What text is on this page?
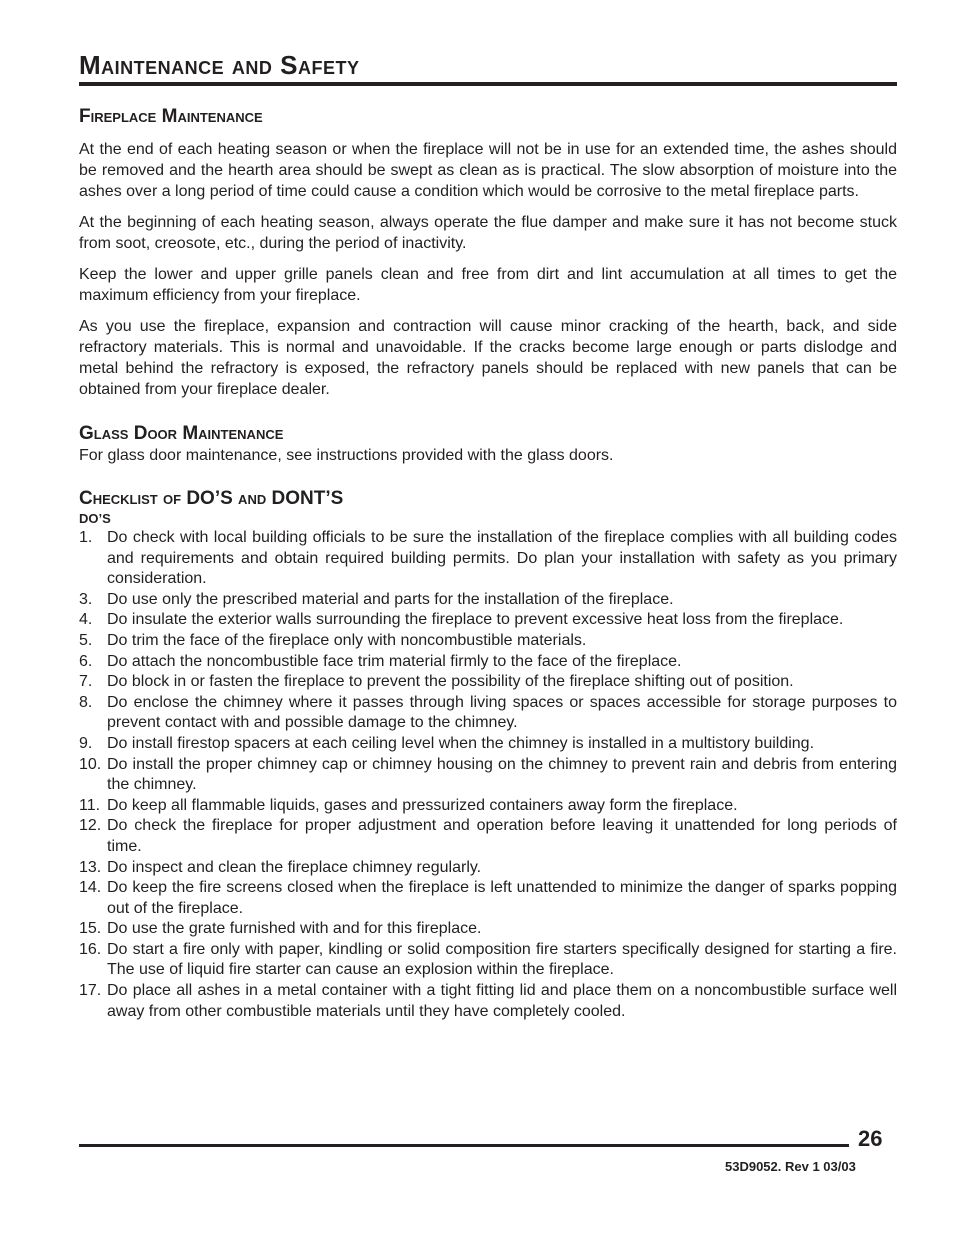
Maintenance and Safety
Fireplace Maintenance

At the end of each heating season or when the fireplace will not be in use for an extended time, the ashes should be removed and the hearth area should be swept as clean as is practical. The slow absorption of moisture into the ashes over a long period of time could cause a condition which would be corrosive to the metal fireplace parts.

At the beginning of each heating season, always operate the flue damper and make sure it has not become stuck from soot, creosote, etc., during the period of inactivity.

Keep the lower and upper grille panels clean and free from dirt and lint accumulation at all times to get the maximum efficiency from your fireplace.

As you use the fireplace, expansion and contraction will cause minor cracking of the hearth, back, and side refractory materials. This is normal and unavoidable. If the cracks become large enough or parts dislodge and metal behind the refractory is exposed, the refractory panels should be replaced with new panels that can be obtained from your fireplace dealer.

Glass Door Maintenance

For glass door maintenance, see instructions provided with the glass doors.

Checklist of DO’S and DONT’S
DO’S
1. Do check with local building officials to be sure the installation of the fireplace complies with all building codes and requirements and obtain required building permits. Do plan your installation with safety as you primary consideration.
3. Do use only the prescribed material and parts for the installation of the fireplace.
4. Do insulate the exterior walls surrounding the fireplace to prevent excessive heat loss from the fireplace.
5. Do trim the face of the fireplace only with noncombustible materials.
6. Do attach the noncombustible face trim material firmly to the face of the fireplace.
7. Do block in or fasten the fireplace to prevent the possibility of the fireplace shifting out of position.
8. Do enclose the chimney where it passes through living spaces or spaces accessible for storage purposes to prevent contact with and possible damage to the chimney.
9. Do install firestop spacers at each ceiling level when the chimney is installed in a multistory building.
10. Do install the proper chimney cap or chimney housing on the chimney to prevent rain and debris from entering the chimney.
11. Do keep all flammable liquids, gases and pressurized containers away form the fireplace.
12. Do check the fireplace for proper adjustment and operation before leaving it unattended for long periods of time.
13. Do inspect and clean the fireplace chimney regularly.
14. Do keep the fire screens closed when the fireplace is left unattended to minimize the danger of sparks popping out of the fireplace.
15. Do use the grate furnished with and for this fireplace.
16. Do start a fire only with paper, kindling or solid composition fire starters specifically designed for starting a fire. The use of liquid fire starter can cause an explosion within the fireplace.
17. Do place all ashes in a metal container with a tight fitting lid and place them on a noncombustible surface well away from other combustible materials until they have completely cooled.
26
53D9052. Rev 1 03/03
